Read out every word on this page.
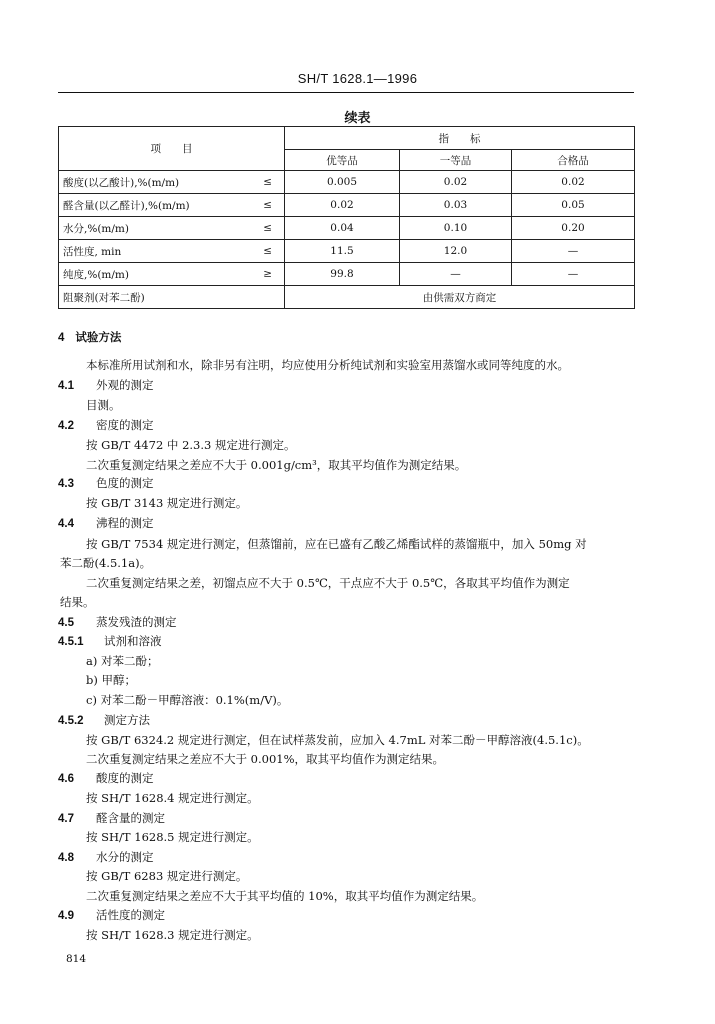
SH/T 1628.1—1996
续表
项　　目		指　　标		
		优等品	一等品	合格品
酸度(以乙酸计),%(m/m)	≤	0.005	0.02	0.02
醛含量(以乙醛计),%(m/m)	≤	0.02	0.03	0.05
水分,%(m/m)	≤	0.04	0.10	0.20
活性度, min	≤	11.5	12.0	—
纯度,%(m/m)	≥	99.8	—	—
阻聚剂(对苯二酚)		由供需双方商定		
4 试验方法
本标准所用试剂和水，除非另有注明，均应使用分析纯试剂和实验室用蒸馏水或同等纯度的水。
4.1 外观的测定
目测。
4.2 密度的测定
按 GB/T 4472 中 2.3.3 规定进行测定。
二次重复测定结果之差应不大于 0.001g/cm³，取其平均值作为测定结果。
4.3 色度的测定
按 GB/T 3143 规定进行测定。
4.4 沸程的测定
按 GB/T 7534 规定进行测定，但蒸馏前，应在已盛有乙酸乙烯酯试样的蒸馏瓶中，加入 50mg 对
苯二酚(4.5.1a)。
二次重复测定结果之差，初馏点应不大于 0.5℃，干点应不大于 0.5℃，各取其平均值作为测定
结果。
4.5 蒸发残渣的测定
4.5.1 试剂和溶液
a) 对苯二酚；
b) 甲醇；
c) 对苯二酚－甲醇溶液：0.1%(m/V)。
4.5.2 测定方法
按 GB/T 6324.2 规定进行测定，但在试样蒸发前，应加入 4.7mL 对苯二酚－甲醇溶液(4.5.1c)。
二次重复测定结果之差应不大于 0.001%，取其平均值作为测定结果。
4.6 酸度的测定
按 SH/T 1628.4 规定进行测定。
4.7 醛含量的测定
按 SH/T 1628.5 规定进行测定。
4.8 水分的测定
按 GB/T 6283 规定进行测定。
二次重复测定结果之差应不大于其平均值的 10%，取其平均值作为测定结果。
4.9 活性度的测定
按 SH/T 1628.3 规定进行测定。
814
